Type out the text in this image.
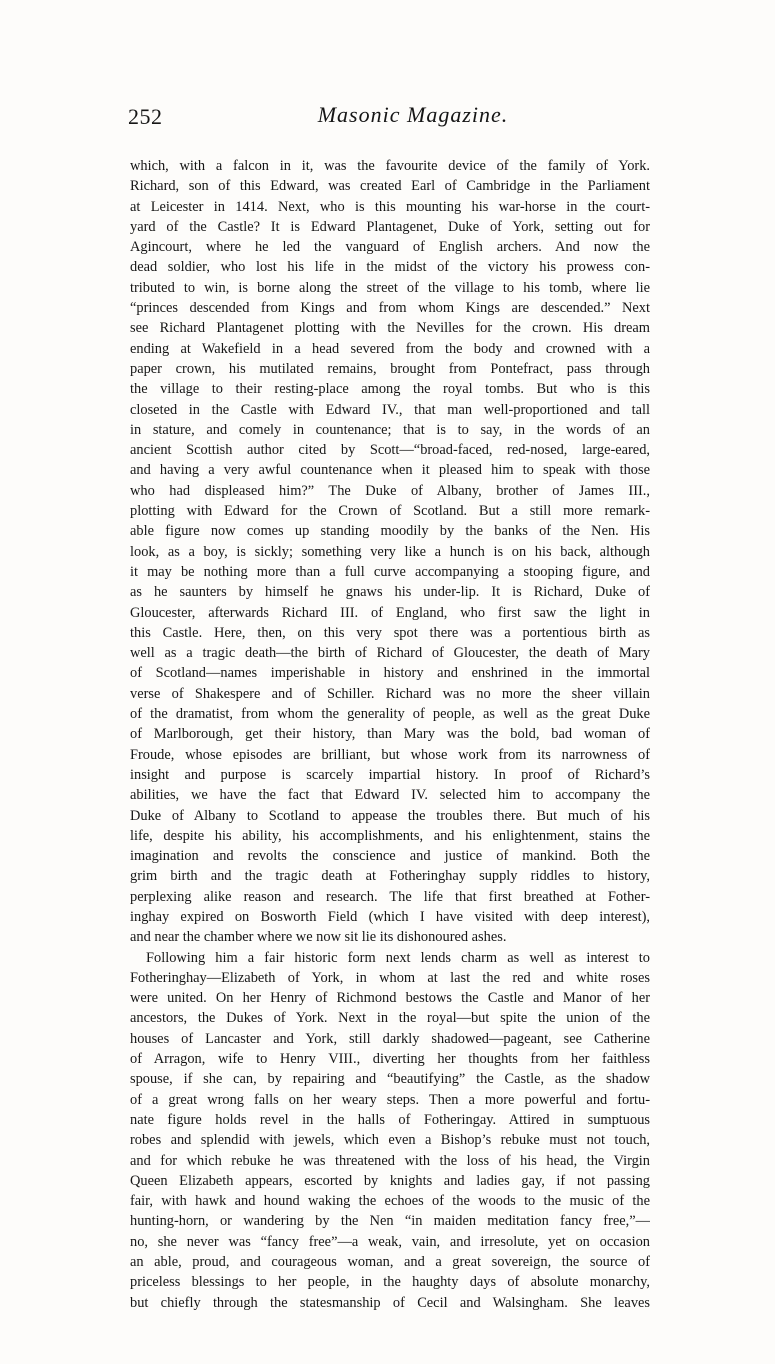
252	Masonic Magazine.
which, with a falcon in it, was the favourite device of the family of York.
Richard, son of this Edward, was created Earl of Cambridge in the Parliament
at Leicester in 1414. Next, who is this mounting his war-horse in the court-
yard of the Castle? It is Edward Plantagenet, Duke of York, setting out for
Agincourt, where he led the vanguard of English archers. And now the
dead soldier, who lost his life in the midst of the victory his prowess con-
tributed to win, is borne along the street of the village to his tomb, where lie
“princes descended from Kings and from whom Kings are descended.” Next
see Richard Plantagenet plotting with the Nevilles for the crown. His dream
ending at Wakefield in a head severed from the body and crowned with a
paper crown, his mutilated remains, brought from Pontefract, pass through
the village to their resting-place among the royal tombs. But who is this
closeted in the Castle with Edward IV., that man well-proportioned and tall
in stature, and comely in countenance; that is to say, in the words of an
ancient Scottish author cited by Scott—“broad-faced, red-nosed, large-eared,
and having a very awful countenance when it pleased him to speak with those
who had displeased him?” The Duke of Albany, brother of James III.,
plotting with Edward for the Crown of Scotland. But a still more remark-
able figure now comes up standing moodily by the banks of the Nen. His
look, as a boy, is sickly; something very like a hunch is on his back, although
it may be nothing more than a full curve accompanying a stooping figure, and
as he saunters by himself he gnaws his under-lip. It is Richard, Duke of
Gloucester, afterwards Richard III. of England, who first saw the light in
this Castle. Here, then, on this very spot there was a portentious birth as
well as a tragic death—the birth of Richard of Gloucester, the death of Mary
of Scotland—names imperishable in history and enshrined in the immortal
verse of Shakespere and of Schiller. Richard was no more the sheer villain
of the dramatist, from whom the generality of people, as well as the great Duke
of Marlborough, get their history, than Mary was the bold, bad woman of
Froude, whose episodes are brilliant, but whose work from its narrowness of
insight and purpose is scarcely impartial history. In proof of Richard’s
abilities, we have the fact that Edward IV. selected him to accompany the
Duke of Albany to Scotland to appease the troubles there. But much of his
life, despite his ability, his accomplishments, and his enlightenment, stains the
imagination and revolts the conscience and justice of mankind. Both the
grim birth and the tragic death at Fotheringhay supply riddles to history,
perplexing alike reason and research. The life that first breathed at Fother-
inghay expired on Bosworth Field (which I have visited with deep interest),
and near the chamber where we now sit lie its dishonoured ashes.
Following him a fair historic form next lends charm as well as interest to
Fotheringhay—Elizabeth of York, in whom at last the red and white roses
were united. On her Henry of Richmond bestows the Castle and Manor of her
ancestors, the Dukes of York. Next in the royal—but spite the union of the
houses of Lancaster and York, still darkly shadowed—pageant, see Catherine
of Arragon, wife to Henry VIII., diverting her thoughts from her faithless
spouse, if she can, by repairing and “beautifying” the Castle, as the shadow
of a great wrong falls on her weary steps. Then a more powerful and fortu-
nate figure holds revel in the halls of Fotheringay. Attired in sumptuous
robes and splendid with jewels, which even a Bishop’s rebuke must not touch,
and for which rebuke he was threatened with the loss of his head, the Virgin
Queen Elizabeth appears, escorted by knights and ladies gay, if not passing
fair, with hawk and hound waking the echoes of the woods to the music of the
hunting-horn, or wandering by the Nen “in maiden meditation fancy free,”—
no, she never was “fancy free”—a weak, vain, and irresolute, yet on occasion
an able, proud, and courageous woman, and a great sovereign, the source of
priceless blessings to her people, in the haughty days of absolute monarchy,
but chiefly through the statesmanship of Cecil and Walsingham. She leaves
